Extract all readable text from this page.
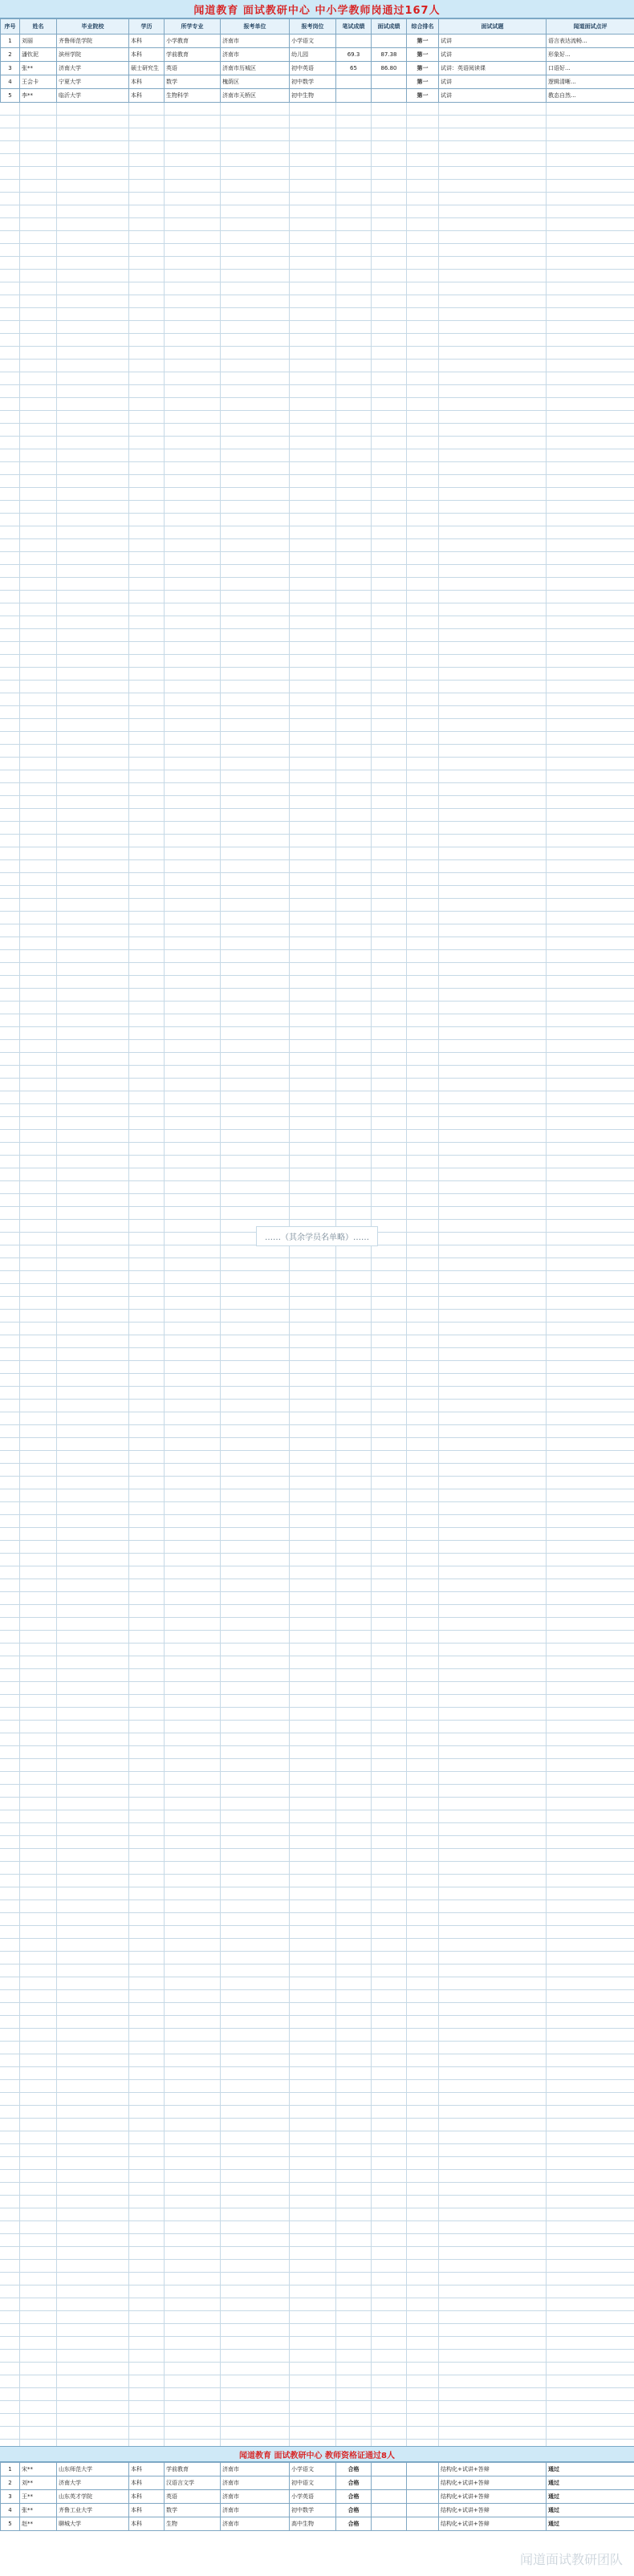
闻道教育 面试教研中心 中小学教师岗通过167人
序号	姓名	毕业院校	学历	所学专业	报考单位	报考岗位	笔试成绩	面试成绩	综合排名	面试试题	闻道面试点评
1	刘丽	齐鲁师范学院	本科	小学教育	济南市	小学语文			第一	试讲	语言表达流畅...
2	潘钦泥	滨州学院	本科	学前教育	济南市	幼儿园	69.3	87.38	第一	试讲	形象好...
3	张**	济南大学	硕士研究生	英语	济南市历城区	初中英语	65	86.80	第一	试讲：英语阅读课	口语好...
4	王会卡	宁夏大学	本科	数学	槐荫区	初中数学			第一	试讲	逻辑清晰...
5	李**	临沂大学	本科	生物科学	济南市天桥区	初中生物			第一	试讲	教态自然...
……（其余学员名单略）……
闻道教育 面试教研中心 教师资格证通过8人
1	宋**	山东师范大学	本科	学前教育	济南市	小学语文	合格			结构化+试讲+答辩	通过
2	刘**	济南大学	本科	汉语言文学	济南市	初中语文	合格			结构化+试讲+答辩	通过
3	王**	山东英才学院	本科	英语	济南市	小学英语	合格			结构化+试讲+答辩	通过
4	张**	齐鲁工业大学	本科	数学	济南市	初中数学	合格			结构化+试讲+答辩	通过
5	赵**	聊城大学	本科	生物	济南市	高中生物	合格			结构化+试讲+答辩	通过
闻道面试教研团队
